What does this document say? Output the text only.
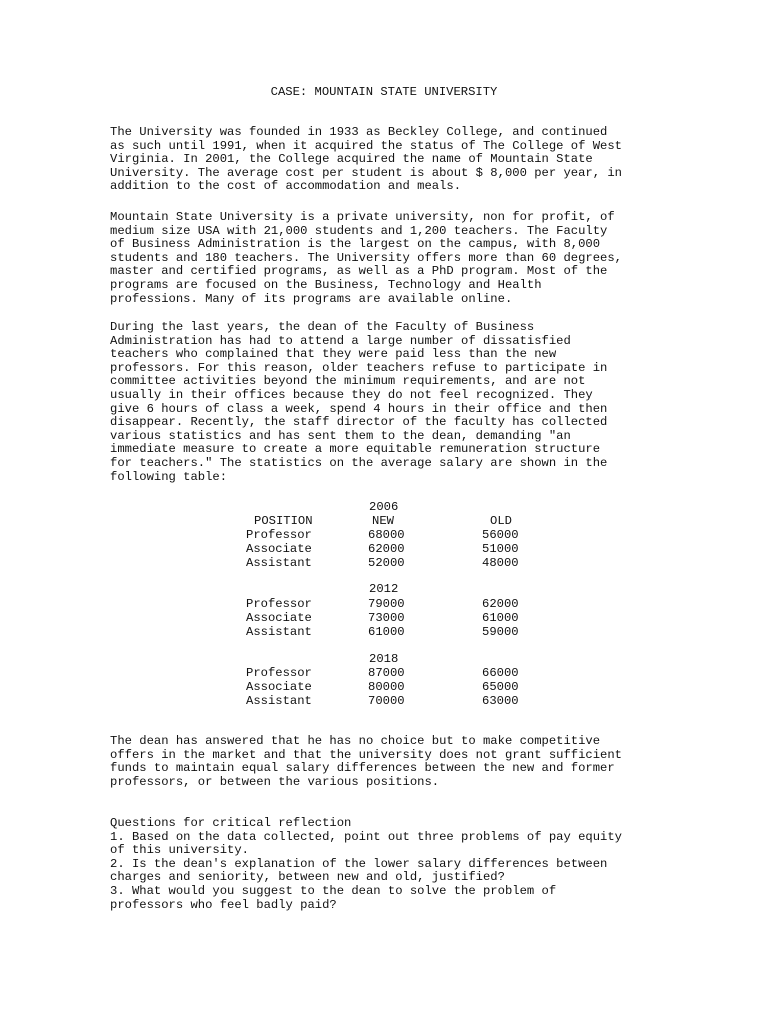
CASE: MOUNTAIN STATE UNIVERSITY

The University was founded in 1933 as Beckley College, and continued
as such until 1991, when it acquired the status of The College of West
Virginia. In 2001, the College acquired the name of Mountain State
University. The average cost per student is about $ 8,000 per year, in
addition to the cost of accommodation and meals.

Mountain State University is a private university, non for profit, of
medium size USA with 21,000 students and 1,200 teachers. The Faculty
of Business Administration is the largest on the campus, with 8,000
students and 180 teachers. The University offers more than 60 degrees,
master and certified programs, as well as a PhD program. Most of the
programs are focused on the Business, Technology and Health
professions. Many of its programs are available online.

During the last years, the dean of the Faculty of Business
Administration has had to attend a large number of dissatisfied
teachers who complained that they were paid less than the new
professors. For this reason, older teachers refuse to participate in
committee activities beyond the minimum requirements, and are not
usually in their offices because they do not feel recognized. They
give 6 hours of class a week, spend 4 hours in their office and then
disappear. Recently, the staff director of the faculty has collected
various statistics and has sent them to the dean, demanding "an
immediate measure to create a more equitable remuneration structure
for teachers." The statistics on the average salary are shown in the
following table:

2006
POSITION	NEW	OLD
Professor	68000	56000
Associate	62000	51000
Assistant	52000	48000
2012
Professor	79000	62000
Associate	73000	61000
Assistant	61000	59000
2018
Professor	87000	66000
Associate	80000	65000
Assistant	70000	63000

The dean has answered that he has no choice but to make competitive
offers in the market and that the university does not grant sufficient
funds to maintain equal salary differences between the new and former
professors, or between the various positions.

Questions for critical reflection
1. Based on the data collected, point out three problems of pay equity
of this university.
2. Is the dean's explanation of the lower salary differences between
charges and seniority, between new and old, justified?
3. What would you suggest to the dean to solve the problem of
professors who feel badly paid?
